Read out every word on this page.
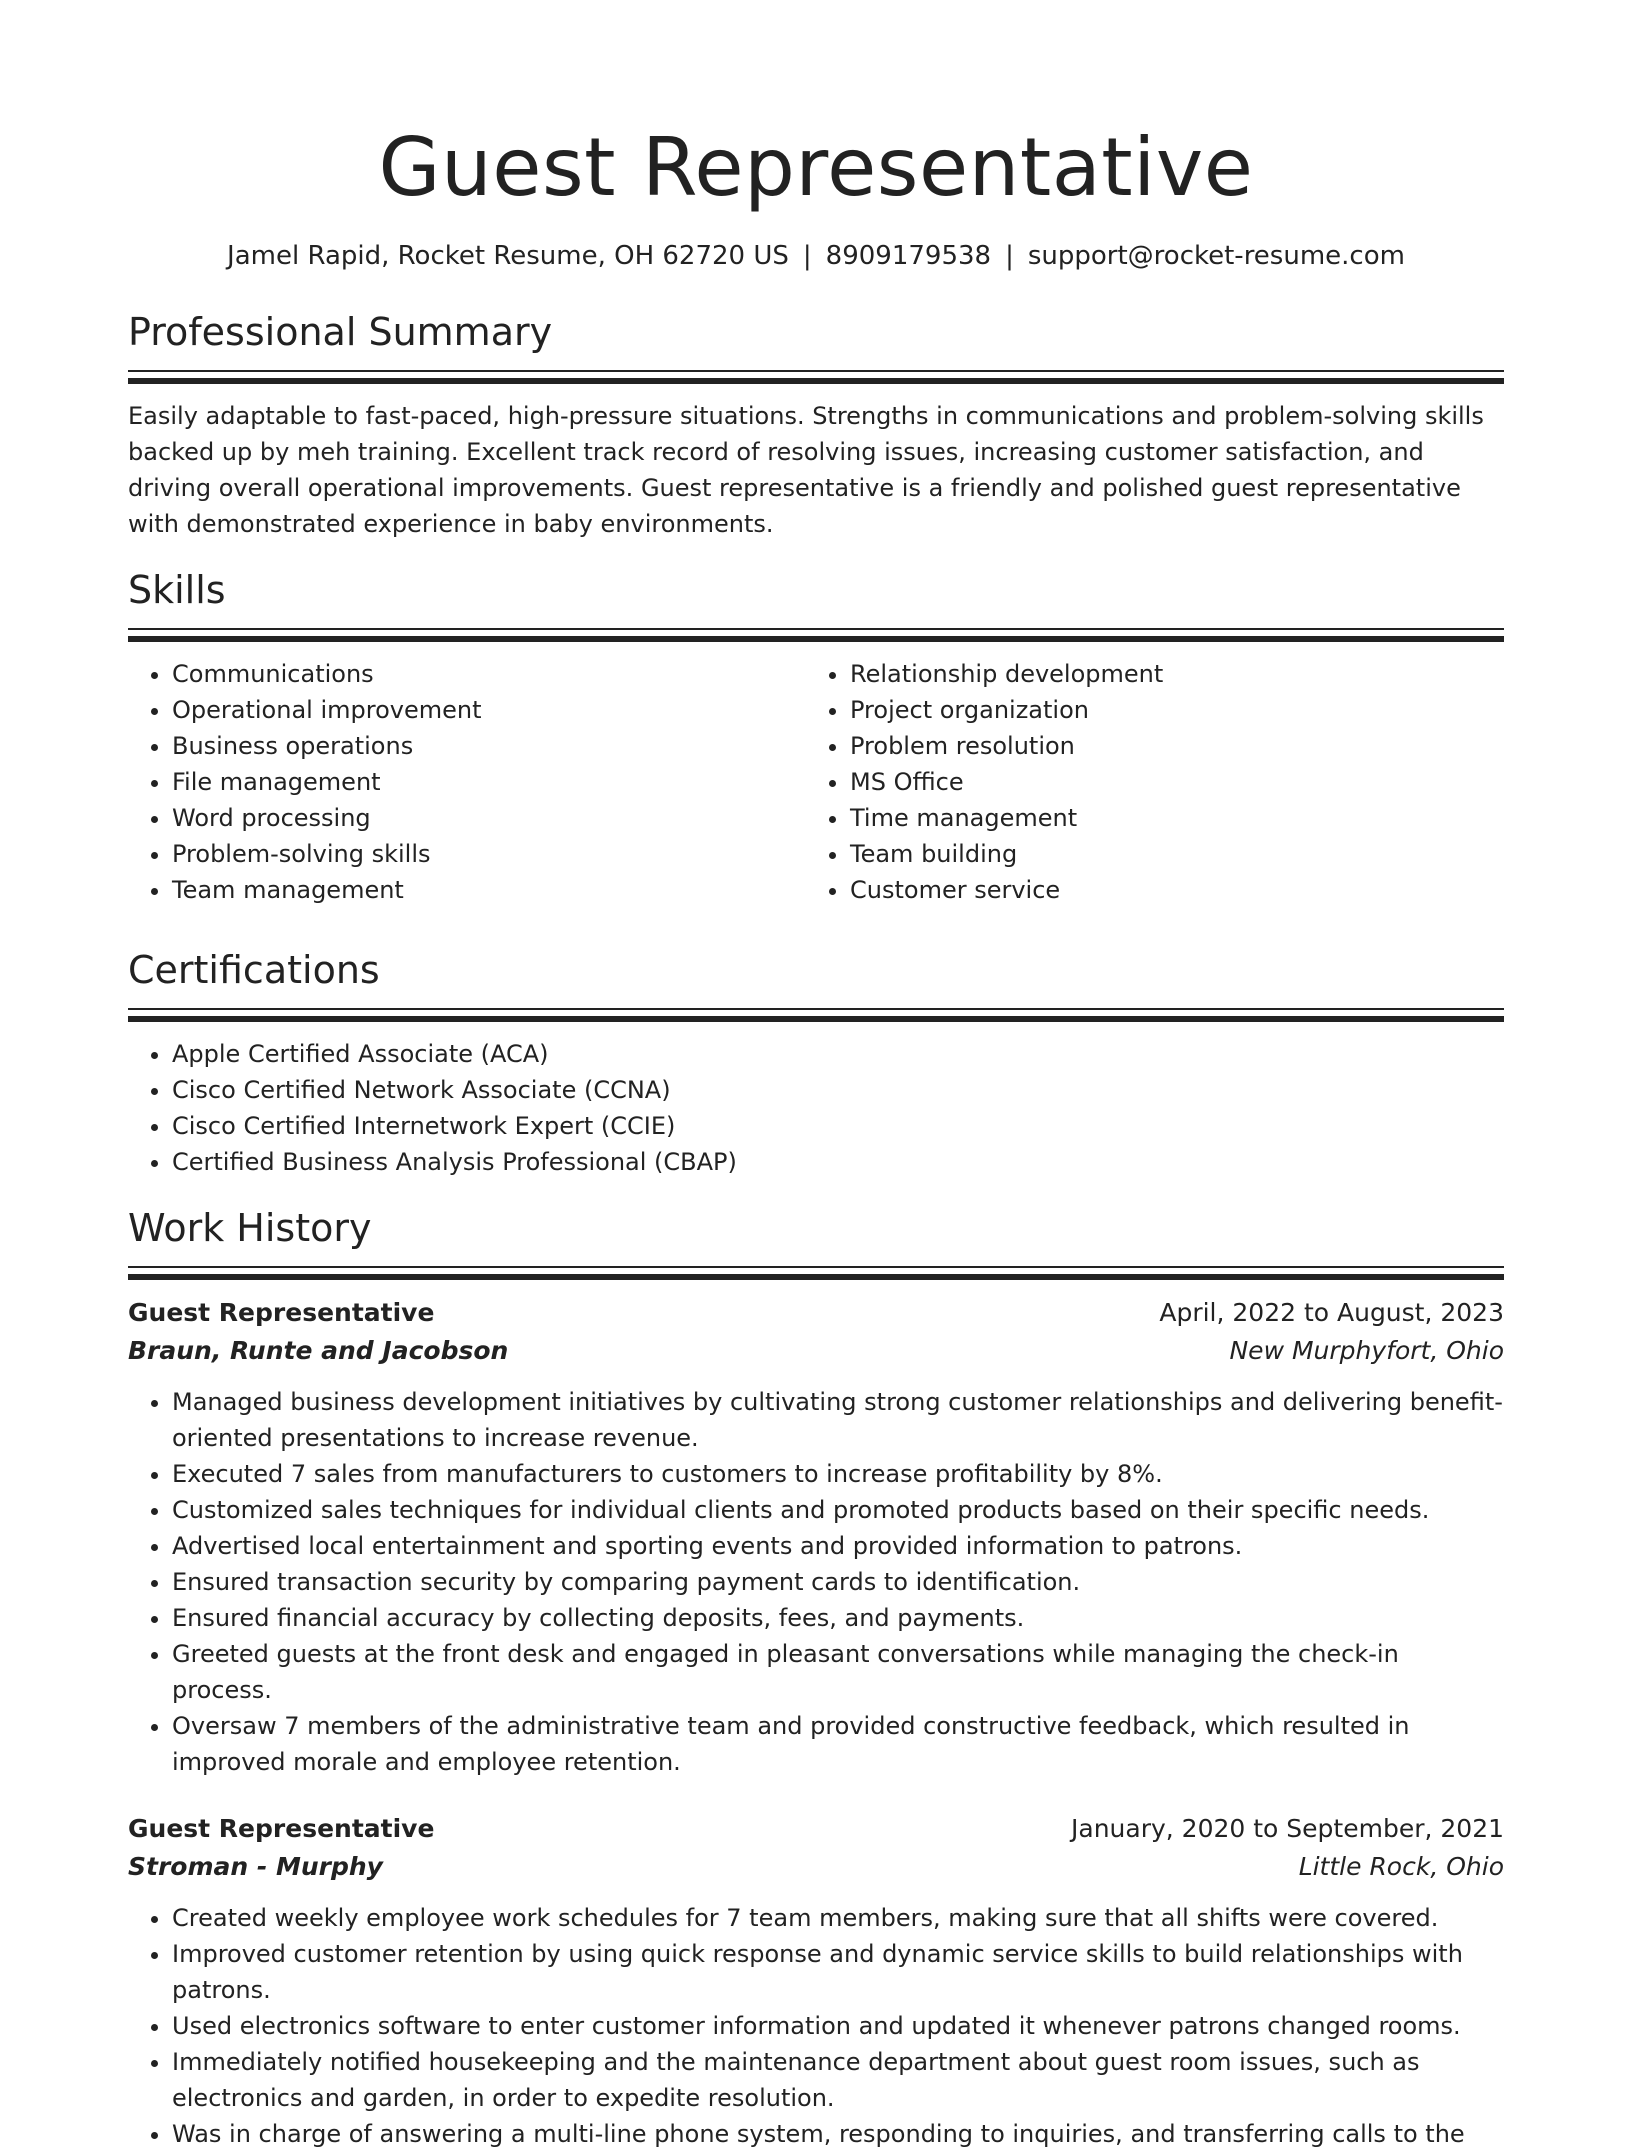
Guest Representative
Jamel Rapid, Rocket Resume, OH 62720 US | 8909179538 | support@rocket-resume.com
Professional Summary

Easily adaptable to fast-paced, high-pressure situations. Strengths in communications and problem-solving skills backed up by meh training. Excellent track record of resolving issues, increasing customer satisfaction, and driving overall operational improvements. Guest representative is a friendly and polished guest representative with demonstrated experience in baby environments.

Skills
• Communications
• Operational improvement
• Business operations
• File management
• Word processing
• Problem-solving skills
• Team management
• Relationship development
• Project organization
• Problem resolution
• MS Office
• Time management
• Team building
• Customer service
Certifications
• Apple Certified Associate (ACA)
• Cisco Certified Network Associate (CCNA)
• Cisco Certified Internetwork Expert (CCIE)
• Certified Business Analysis Professional (CBAP)
Work History
Guest Representative	April, 2022 to August, 2023
Braun, Runte and Jacobson	New Murphyfort, Ohio
• Managed business development initiatives by cultivating strong customer relationships and delivering benefit-oriented presentations to increase revenue.
• Executed 7 sales from manufacturers to customers to increase profitability by 8%.
• Customized sales techniques for individual clients and promoted products based on their specific needs.
• Advertised local entertainment and sporting events and provided information to patrons.
• Ensured transaction security by comparing payment cards to identification.
• Ensured financial accuracy by collecting deposits, fees, and payments.
• Greeted guests at the front desk and engaged in pleasant conversations while managing the check-in process.
• Oversaw 7 members of the administrative team and provided constructive feedback, which resulted in improved morale and employee retention.
Guest Representative	January, 2020 to September, 2021
Stroman - Murphy	Little Rock, Ohio
• Created weekly employee work schedules for 7 team members, making sure that all shifts were covered.
• Improved customer retention by using quick response and dynamic service skills to build relationships with patrons.
• Used electronics software to enter customer information and updated it whenever patrons changed rooms.
• Immediately notified housekeeping and the maintenance department about guest room issues, such as electronics and garden, in order to expedite resolution.
• Was in charge of answering a multi-line phone system, responding to inquiries, and transferring calls to the
